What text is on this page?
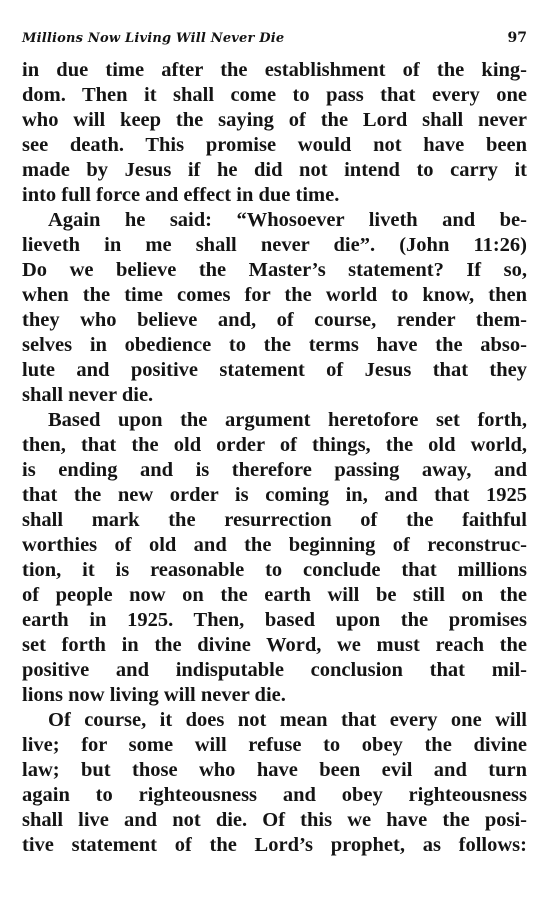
Millions Now Living Will Never Die	97

in due time after the establishment of the king-
dom. Then it shall come to pass that every one
who will keep the saying of the Lord shall never
see death. This promise would not have been
made by Jesus if he did not intend to carry it
into full force and effect in due time.

Again he said: “Whosoever liveth and be-
lieveth in me shall never die”. (John 11:26)
Do we believe the Master’s statement? If so,
when the time comes for the world to know, then
they who believe and, of course, render them-
selves in obedience to the terms have the abso-
lute and positive statement of Jesus that they
shall never die.

Based upon the argument heretofore set forth,
then, that the old order of things, the old world,
is ending and is therefore passing away, and
that the new order is coming in, and that 1925
shall mark the resurrection of the faithful
worthies of old and the beginning of reconstruc-
tion, it is reasonable to conclude that millions
of people now on the earth will be still on the
earth in 1925. Then, based upon the promises
set forth in the divine Word, we must reach the
positive and indisputable conclusion that mil-
lions now living will never die.

Of course, it does not mean that every one will
live; for some will refuse to obey the divine
law; but those who have been evil and turn
again to righteousness and obey righteousness
shall live and not die. Of this we have the posi-
tive statement of the Lord’s prophet, as follows:
